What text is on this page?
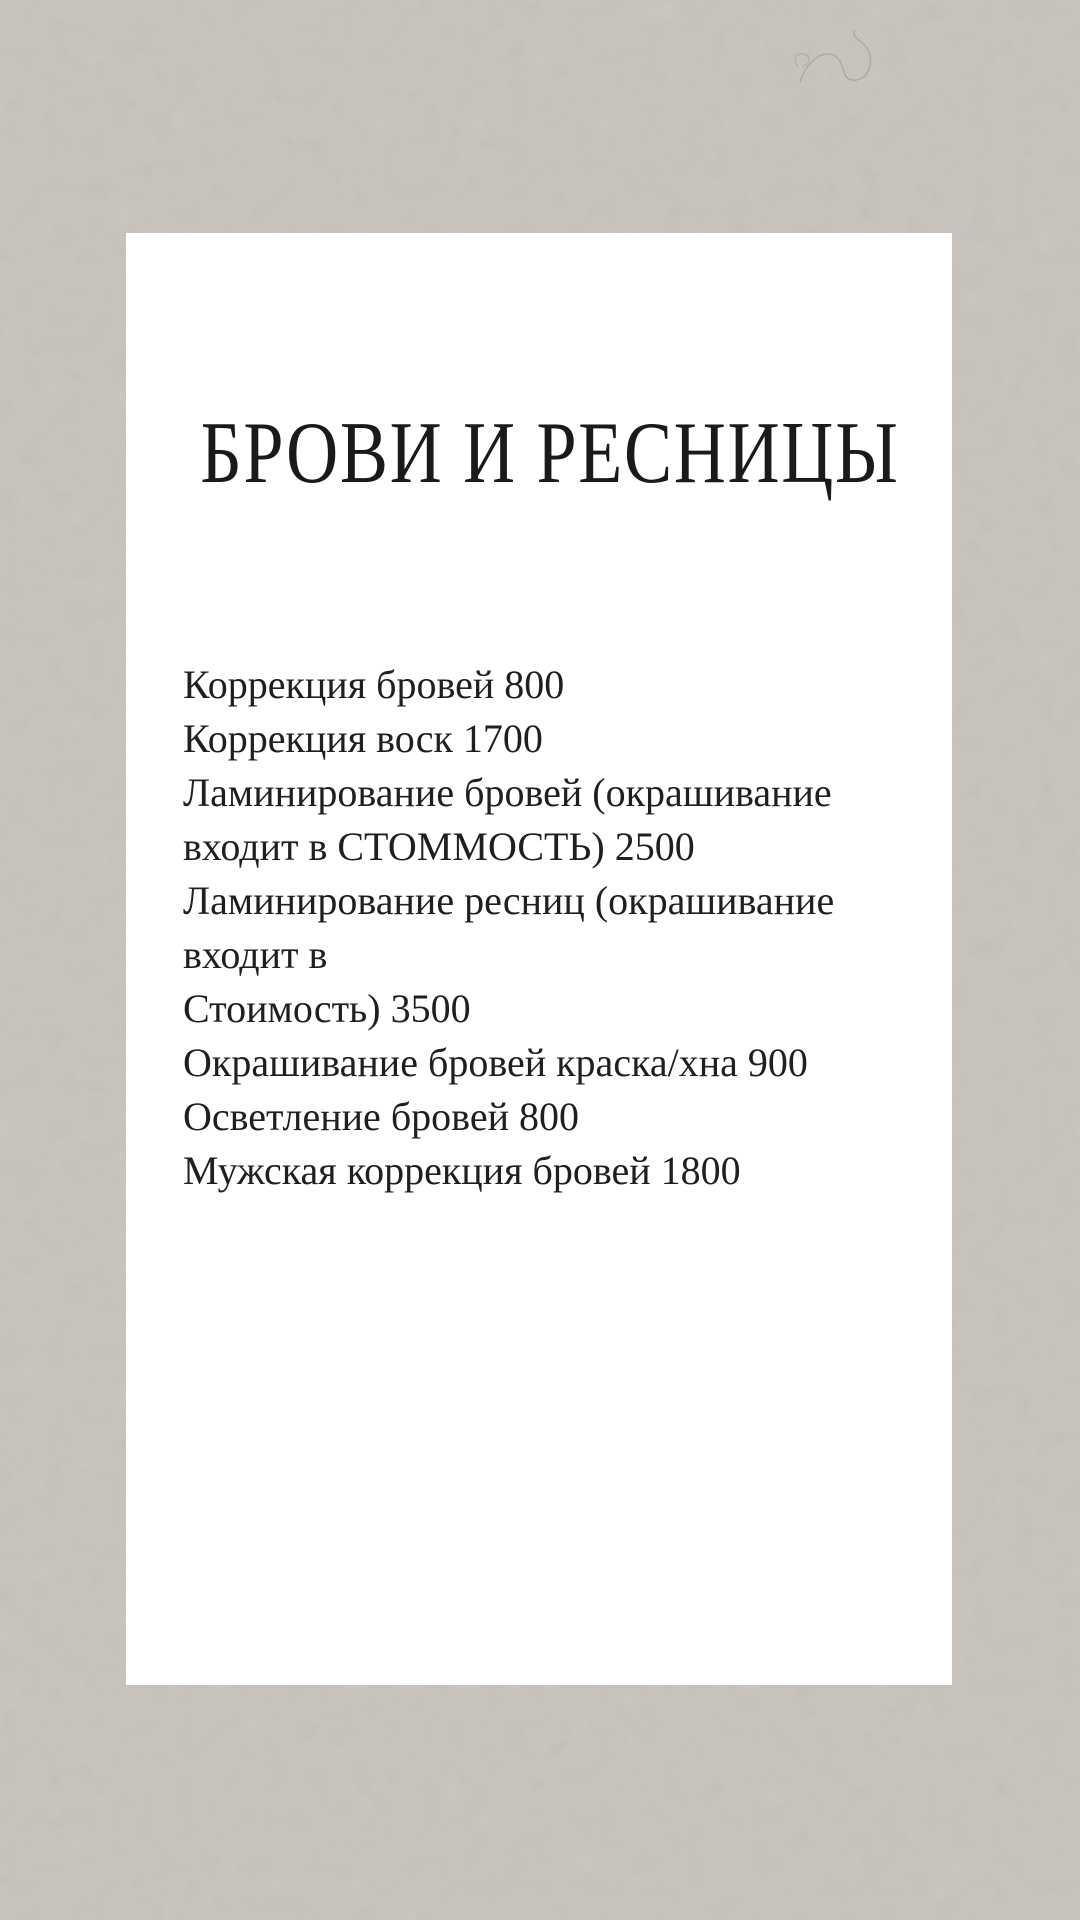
БРОВИ И РЕСНИЦЫ
Коррекция бровей 800
Коррекция воск 1700
Ламинирование бровей (окрашивание
входит в СТОММОСТЬ) 2500
Ламинирование ресниц (окрашивание
входит в
Стоимость) 3500
Окрашивание бровей краска/хна 900
Осветление бровей 800
Мужская коррекция бровей 1800
